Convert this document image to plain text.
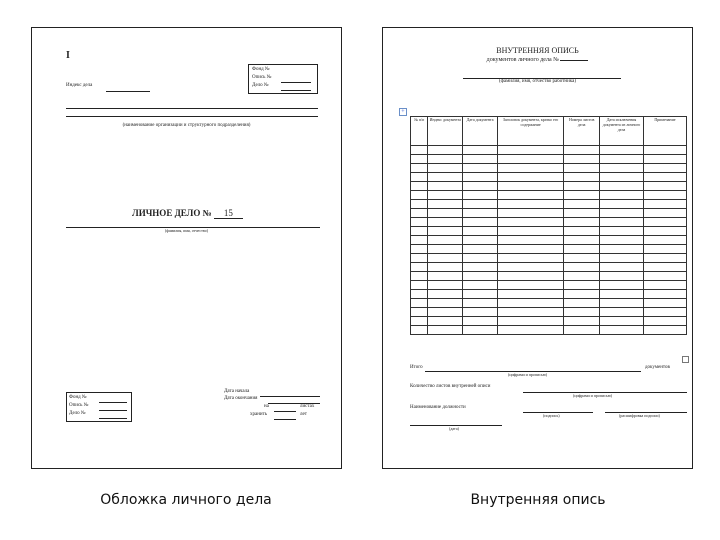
I
Индекс дела
Фонд №
Опись №
Дело №
(наименование организации и структурного подразделения)
ЛИЧНОЕ ДЕЛО № 15
(фамилия, имя, отчество)
Фонд №
Опись №
Дело №
Дата начала
Дата окончания
на	листах
хранить	лет
ВНУТРЕННЯЯ ОПИСЬ
документов личного дела №
(фамилия, имя, отчество работника)
+
№ п/п	Индекс документа	Дата документа	Заголовок документа, кратко его содержание	Номера листов дела	Дата исключения документа из личного дела	Примечание

Итого	документов
(цифрами и прописью)
Количество листов внутренней описи
(цифрами и прописью)
Наименование должности
(подпись)	(расшифровка подписи)
(дата)
Обложка личного дела	Внутренняя опись
